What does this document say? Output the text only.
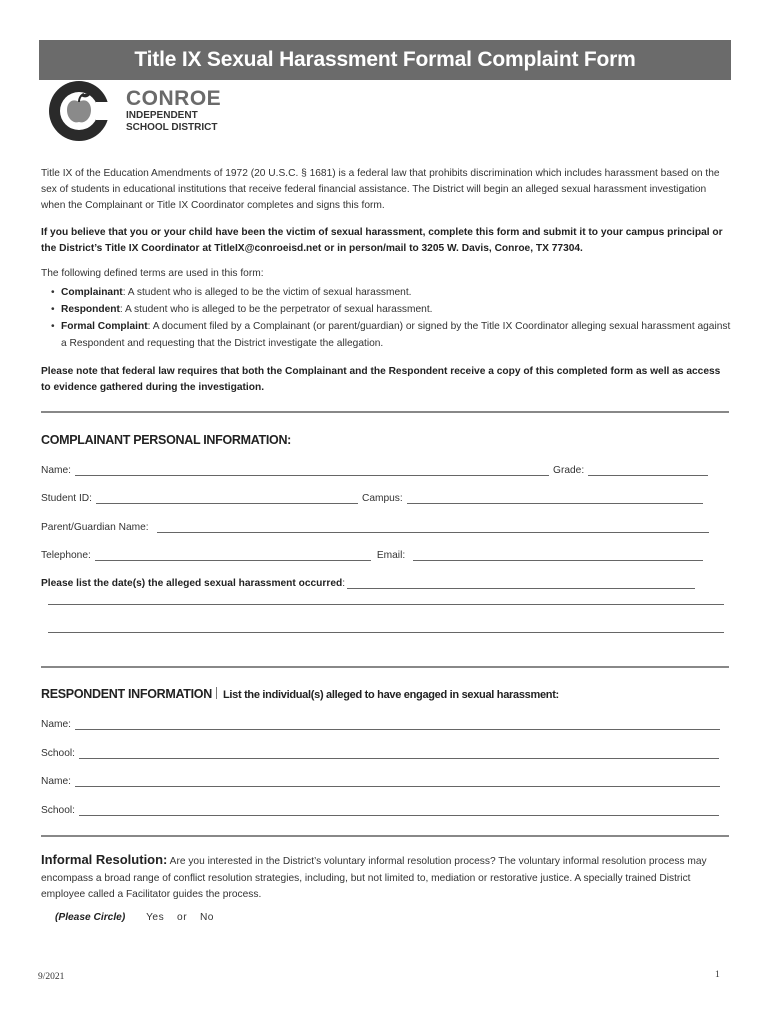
Title IX Sexual Harassment Formal Complaint Form
CONROE
INDEPENDENT
SCHOOL DISTRICT
Title IX of the Education Amendments of 1972 (20 U.S.C. § 1681) is a federal law that prohibits discrimination which includes harassment based on the sex of students in educational institutions that receive federal financial assistance. The District will begin an alleged sexual harassment investigation when the Complainant or Title IX Coordinator completes and signs this form.
If you believe that you or your child have been the victim of sexual harassment, complete this form and submit it to your campus principal or the District’s Title IX Coordinator at TitleIX@conroeisd.net or in person/mail to 3205 W. Davis, Conroe, TX 77304.
The following defined terms are used in this form:
• Complainant: A student who is alleged to be the victim of sexual harassment.
• Respondent: A student who is alleged to be the perpetrator of sexual harassment.
• Formal Complaint: A document filed by a Complainant (or parent/guardian) or signed by the Title IX Coordinator alleging sexual harassment against a Respondent and requesting that the District investigate the allegation.
Please note that federal law requires that both the Complainant and the Respondent receive a copy of this completed form as well as access to evidence gathered during the investigation.
COMPLAINANT PERSONAL INFORMATION:
Name:	Grade:
Student ID:	Campus:
Parent/Guardian Name:
Telephone:	Email:
Please list the date(s) the alleged sexual harassment occurred :
RESPONDENT INFORMATION List the individual(s) alleged to have engaged in sexual harassment:
Name:
School:
Name:
School:
Informal Resolution: Are you interested in the District’s voluntary informal resolution process? The voluntary informal resolution process may encompass a broad range of conflict resolution strategies, including, but not limited to, mediation or restorative justice. A specially trained District employee called a Facilitator guides the process.
(Please Circle) Yes or No
9/2021	1
